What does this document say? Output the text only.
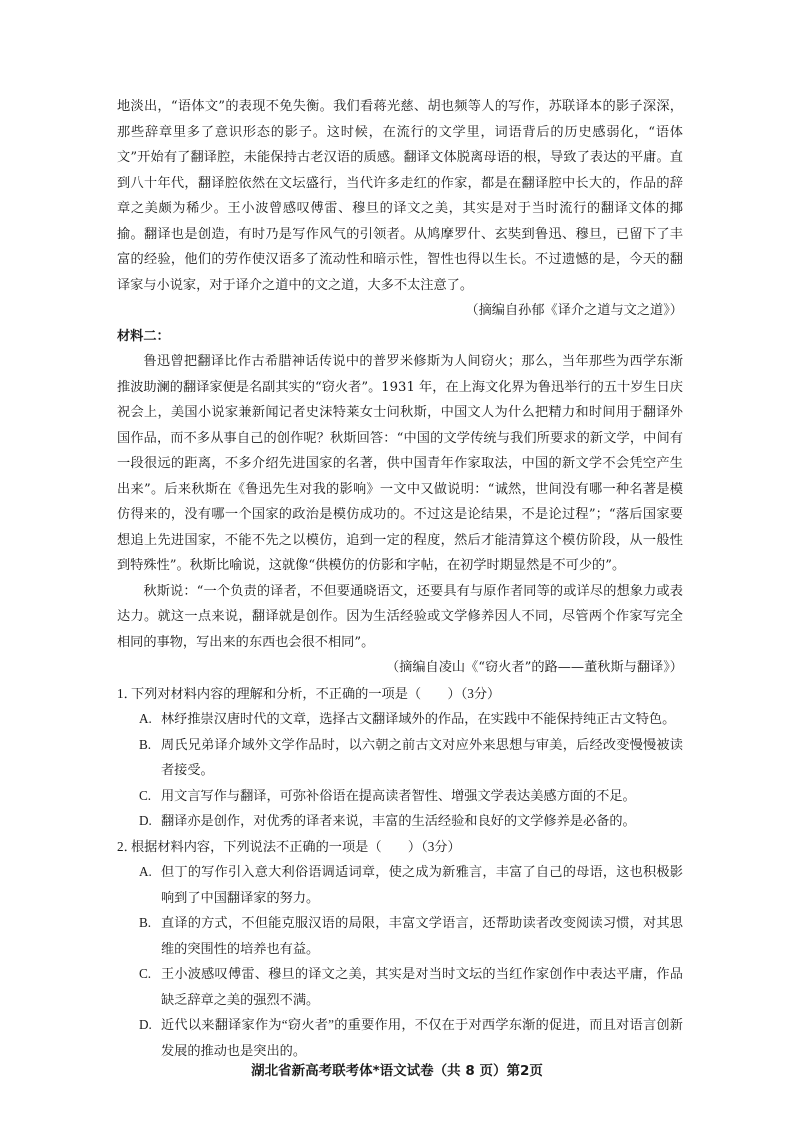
地淡出，“语体文”的表现不免失衡。我们看蒋光慈、胡也频等人的写作，苏联译本的影子深深，那些辞章里多了意识形态的影子。这时候，在流行的文学里，词语背后的历史感弱化，“语体文”开始有了翻译腔，未能保持古老汉语的质感。翻译文体脱离母语的根，导致了表达的平庸。直到八十年代，翻译腔依然在文坛盛行，当代许多走红的作家，都是在翻译腔中长大的，作品的辞章之美颇为稀少。王小波曾感叹傅雷、穆旦的译文之美，其实是对于当时流行的翻译文体的揶揄。翻译也是创造，有时乃是写作风气的引领者。从鸠摩罗什、玄奘到鲁迅、穆旦，已留下了丰富的经验，他们的劳作使汉语多了流动性和暗示性，智性也得以生长。不过遗憾的是，今天的翻译家与小说家，对于译介之道中的文之道，大多不太注意了。

（摘编自孙郁《译介之道与文之道》）

材料二：

鲁迅曾把翻译比作古希腊神话传说中的普罗米修斯为人间窃火；那么，当年那些为西学东渐推波助澜的翻译家便是名副其实的“窃火者”。1931 年，在上海文化界为鲁迅举行的五十岁生日庆祝会上，美国小说家兼新闻记者史沫特莱女士问秋斯，中国文人为什么把精力和时间用于翻译外国作品，而不多从事自己的创作呢？秋斯回答：“中国的文学传统与我们所要求的新文学，中间有一段很远的距离，不多介绍先进国家的名著，供中国青年作家取法，中国的新文学不会凭空产生出来”。后来秋斯在《鲁迅先生对我的影响》一文中又做说明：“诚然，世间没有哪一种名著是模仿得来的，没有哪一个国家的政治是模仿成功的。不过这是论结果，不是论过程”；“落后国家要想追上先进国家，不能不先之以模仿，追到一定的程度，然后才能清算这个模仿阶段，从一般性到特殊性”。秋斯比喻说，这就像“供模仿的仿影和字帖，在初学时期显然是不可少的”。

秋斯说：“一个负责的译者，不但要通晓语文，还要具有与原作者同等的或详尽的想象力或表达力。就这一点来说，翻译就是创作。因为生活经验或文学修养因人不同，尽管两个作家写完全相同的事物，写出来的东西也会很不相同”。

（摘编自凌山《“窃火者”的路——董秋斯与翻译》）

1．
下列对材料内容的理解和分析，不正确的一项是（　　）（3分）
A. 林纾推崇汉唐时代的文章，选择古文翻译域外的作品，在实践中不能保持纯正古文特色。
B. 周氏兄弟译介域外文学作品时，以六朝之前古文对应外来思想与审美，后经改变慢慢被读者接受。
C. 用文言写作与翻译，可弥补俗语在提高读者智性、增强文学表达美感方面的不足。
D. 翻译亦是创作，对优秀的译者来说，丰富的生活经验和良好的文学修养是必备的。
2．
根据材料内容，下列说法不正确的一项是（　　）（3分）
A. 但丁的写作引入意大利俗语调适词章，使之成为新雅言，丰富了自己的母语，这也积极影响到了中国翻译家的努力。
B. 直译的方式，不但能克服汉语的局限，丰富文学语言，还帮助读者改变阅读习惯，对其思维的突围性的培养也有益。
C. 王小波感叹傅雷、穆旦的译文之美，其实是对当时文坛的当红作家创作中表达平庸，作品缺乏辞章之美的强烈不满。
D. 近代以来翻译家作为“窃火者”的重要作用，不仅在于对西学东渐的促进，而且对语言创新发展的推动也是突出的。
湖北省新高考联考体*语文试卷（共 8 页）第2页
